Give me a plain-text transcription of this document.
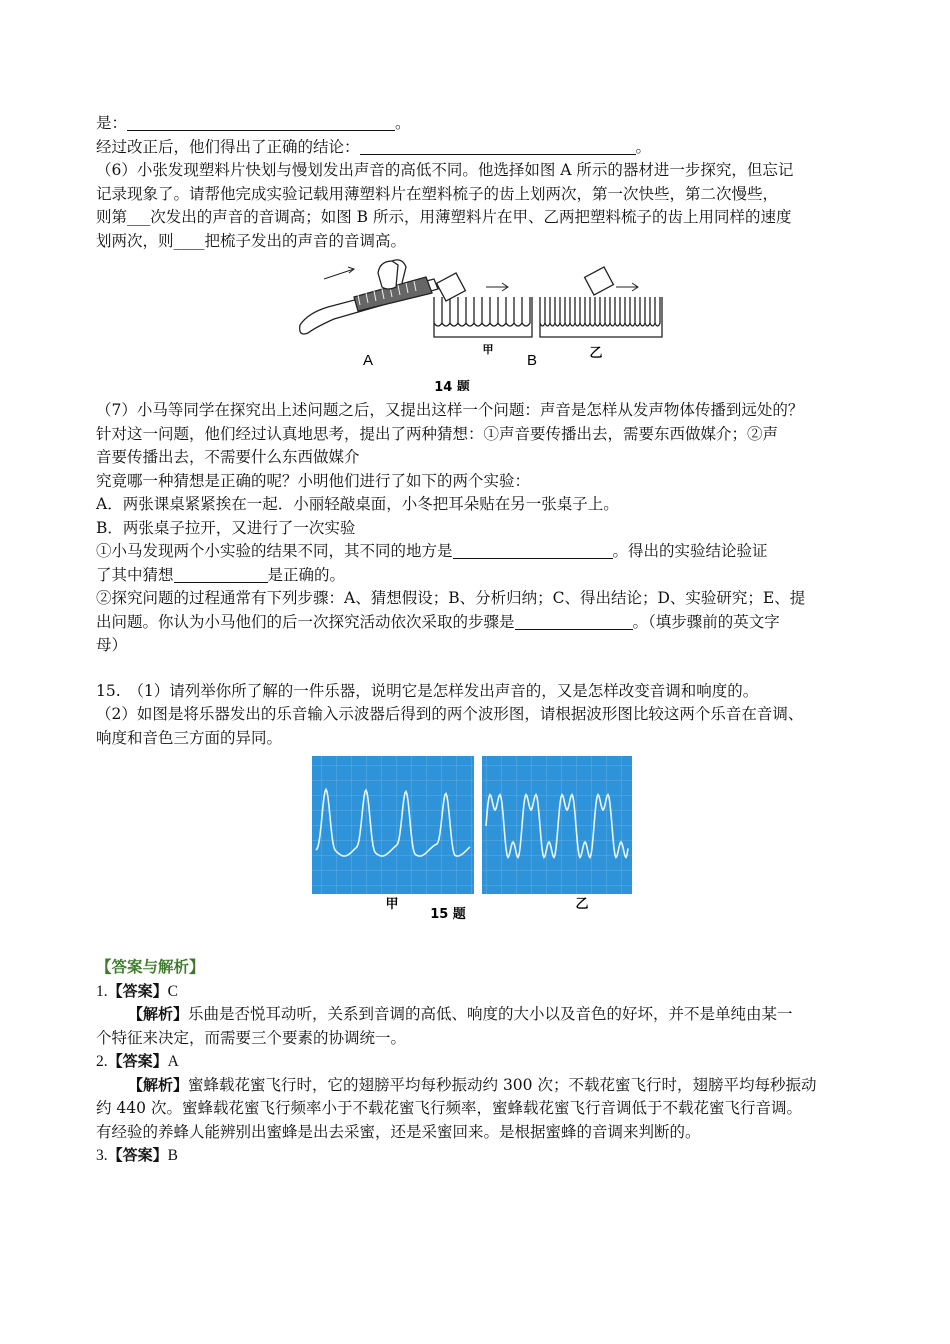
是：	。
经过改正后，他们得出了正确的结论：	。
（6）小张发现塑料片快划与慢划发出声音的高低不同。他选择如图 A 所示的器材进一步探究，但忘记
记录现象了。请帮他完成实验记载用薄塑料片在塑料梳子的齿上划两次，第一次快些，第二次慢些，
则第___次发出的声音的音调高；如图 B 所示，用薄塑料片在甲、乙两把塑料梳子的齿上用同样的速度
划两次，则____把梳子发出的声音的音调高。
A
甲
B	乙
14 题
（7）小马等同学在探究出上述问题之后，又提出这样一个问题：声音是怎样从发声物体传播到远处的？
针对这一问题，他们经过认真地思考，提出了两种猜想：①声音要传播出去，需要东西做媒介；②声
音要传播出去，不需要什么东西做媒介
究竟哪一种猜想是正确的呢？小明他们进行了如下的两个实验：
A．两张课桌紧紧挨在一起．小丽轻敲桌面，小冬把耳朵贴在另一张桌子上。
B．两张桌子拉开，又进行了一次实验
①小马发现两个小实验的结果不同，其不同的地方是	。得出的实验结论验证
了其中猜想	是正确的。
②探究问题的过程通常有下列步骤：A、猜想假设；B、分析归纳；C、得出结论；D、实验研究；E、提
出问题。你认为小马他们的后一次探究活动依次采取的步骤是	。（填步骤前的英文字
母）
15.　（1）请列举你所了解的一件乐器，说明它是怎样发出声音的，又是怎样改变音调和响度的。
（2）如图是将乐器发出的乐音输入示波器后得到的两个波形图，请根据波形图比较这两个乐音在音调、
响度和音色三方面的异同。
甲	乙
15 题
【答案与解析】
1.【答案】C
【解析】乐曲是否悦耳动听，关系到音调的高低、响度的大小以及音色的好坏，并不是单纯由某一
个特征来决定，而需要三个要素的协调统一。
2.【答案】A
【解析】蜜蜂载花蜜飞行时，它的翅膀平均每秒振动约 300 次；不载花蜜飞行时，翅膀平均每秒振动
约 440 次。蜜蜂载花蜜飞行频率小于不载花蜜飞行频率，蜜蜂载花蜜飞行音调低于不载花蜜飞行音调。
有经验的养蜂人能辨别出蜜蜂是出去采蜜，还是采蜜回来。是根据蜜蜂的音调来判断的。
3.【答案】B
